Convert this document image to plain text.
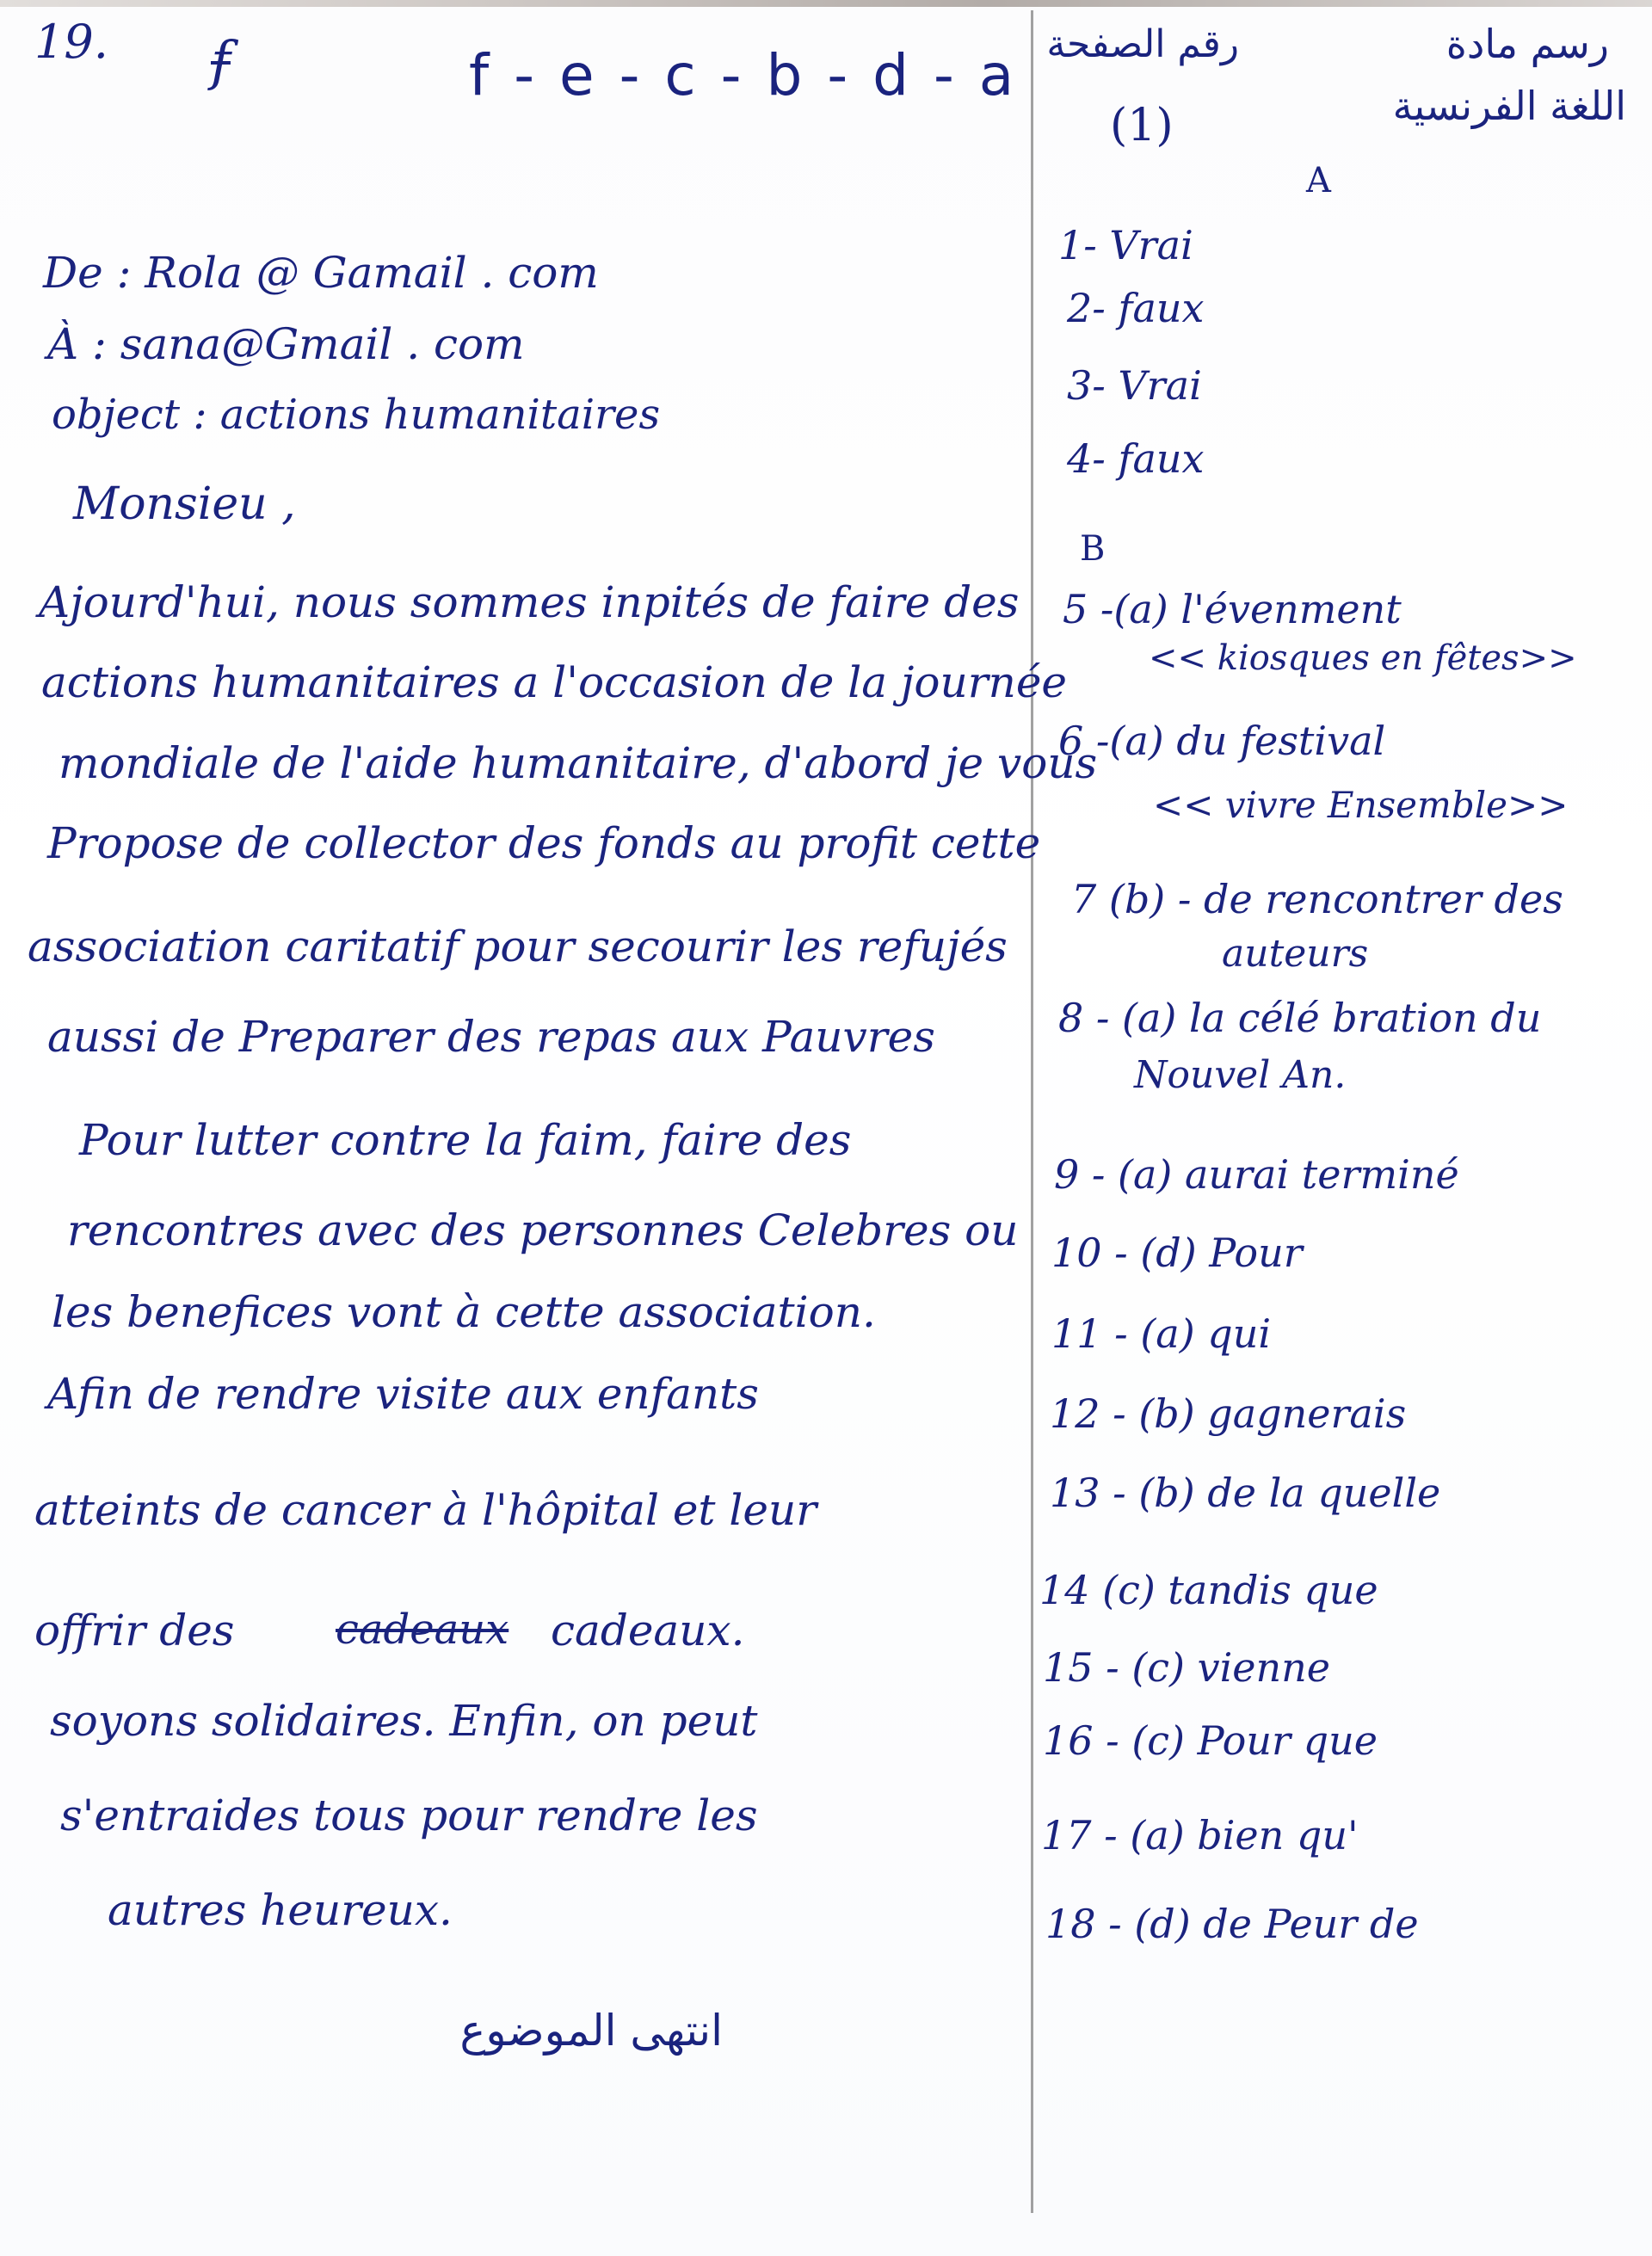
19. f	f - e - c - b - d - a رقم الصفحة
(1)
رسم مادة
اللغة الفرنسية
De : Rola @ Gamail . com
À : sana@Gmail . com
object : actions humanitaires
Monsieu ,
Ajourd'hui, nous sommes inpités de faire des
actions humanitaires a l'occasion de la journée
mondiale de l'aide humanitaire, d'abord je vous
Propose de collector des fonds au profit cette
association caritatif pour secourir les refujés
aussi de Preparer des repas aux Pauvres
Pour lutter contre la faim, faire des
rencontres avec des personnes Celebres ou
les benefices vont à cette association.
Afin de rendre visite aux enfants
atteints de cancer à l'hôpital et leur
offrir des cadeaux cadeaux.
soyons solidaires. Enfin, on peut
s'entraides tous pour rendre les
autres heureux.
انتهى الموضوع
A
1- Vrai
2- faux
3- Vrai
4- faux
B
5 -(a) l'évenment
<< kiosques en fêtes>>
6 -(a) du festival
<< vivre Ensemble>>
7 (b) - de rencontrer des
auteurs
8 - (a) la célé bration du
Nouvel An.
9 - (a) aurai terminé
10 - (d) Pour
11 - (a) qui
12 - (b) gagnerais
13 - (b) de la quelle
14 (c) tandis que
15 - (c) vienne
16 - (c) Pour que
17 - (a) bien qu'
18 - (d) de Peur de
